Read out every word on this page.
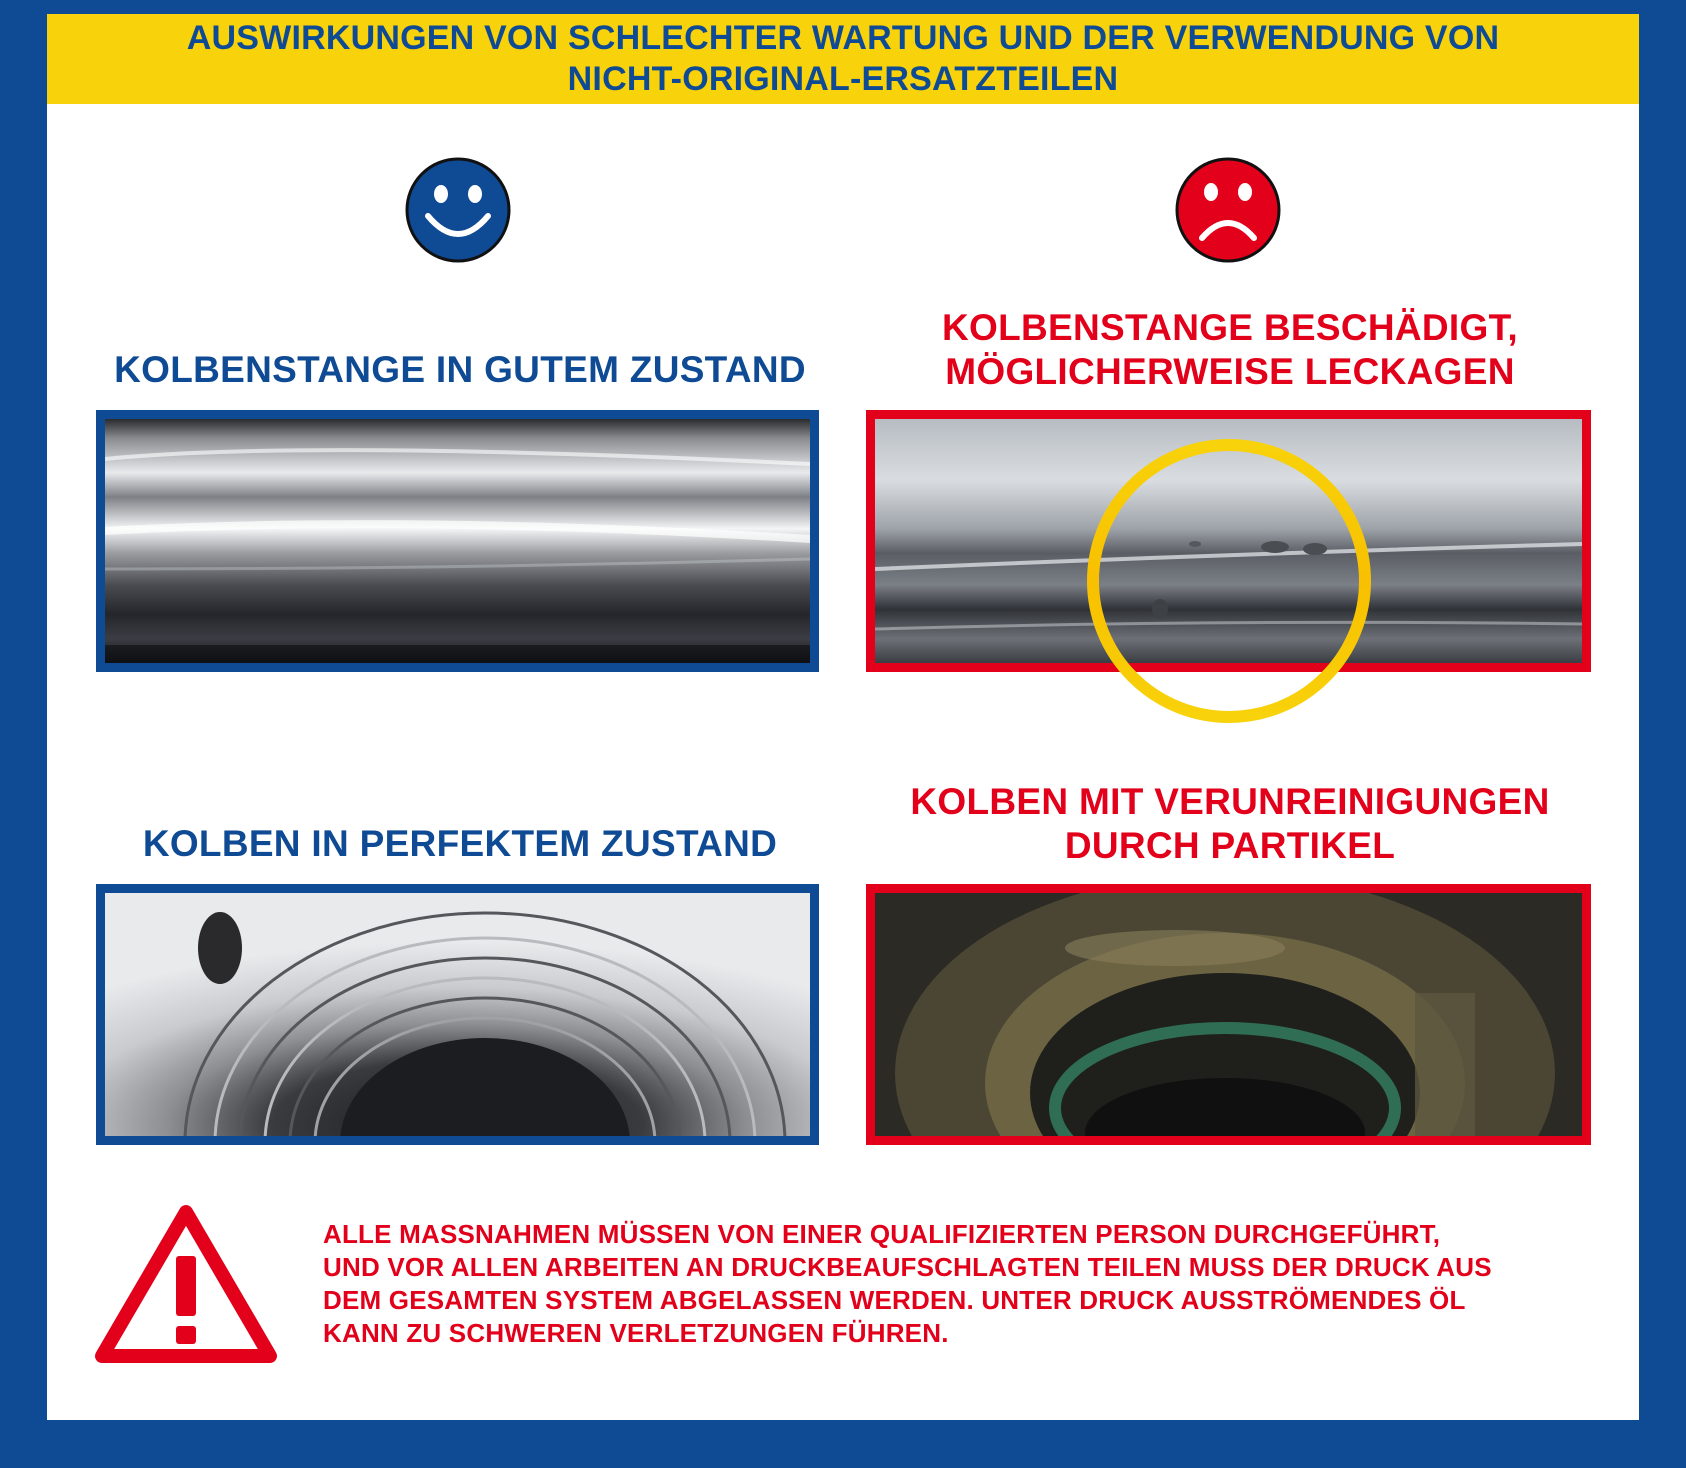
AUSWIRKUNGEN VON SCHLECHTER WARTUNG UND DER VERWENDUNG VON
NICHT-ORIGINAL-ERSATZTEILEN
KOLBENSTANGE IN GUTEM ZUSTAND
KOLBENSTANGE BESCHÄDIGT,
MÖGLICHERWEISE LECKAGEN
KOLBEN IN PERFEKTEM ZUSTAND
KOLBEN MIT VERUNREINIGUNGEN
DURCH PARTIKEL
ALLE MASSNAHMEN MÜSSEN VON EINER QUALIFIZIERTEN PERSON DURCHGEFÜHRT,
UND VOR ALLEN ARBEITEN AN DRUCKBEAUFSCHLAGTEN TEILEN MUSS DER DRUCK AUS
DEM GESAMTEN SYSTEM ABGELASSEN WERDEN. UNTER DRUCK AUSSTRÖMENDES ÖL
KANN ZU SCHWEREN VERLETZUNGEN FÜHREN.
